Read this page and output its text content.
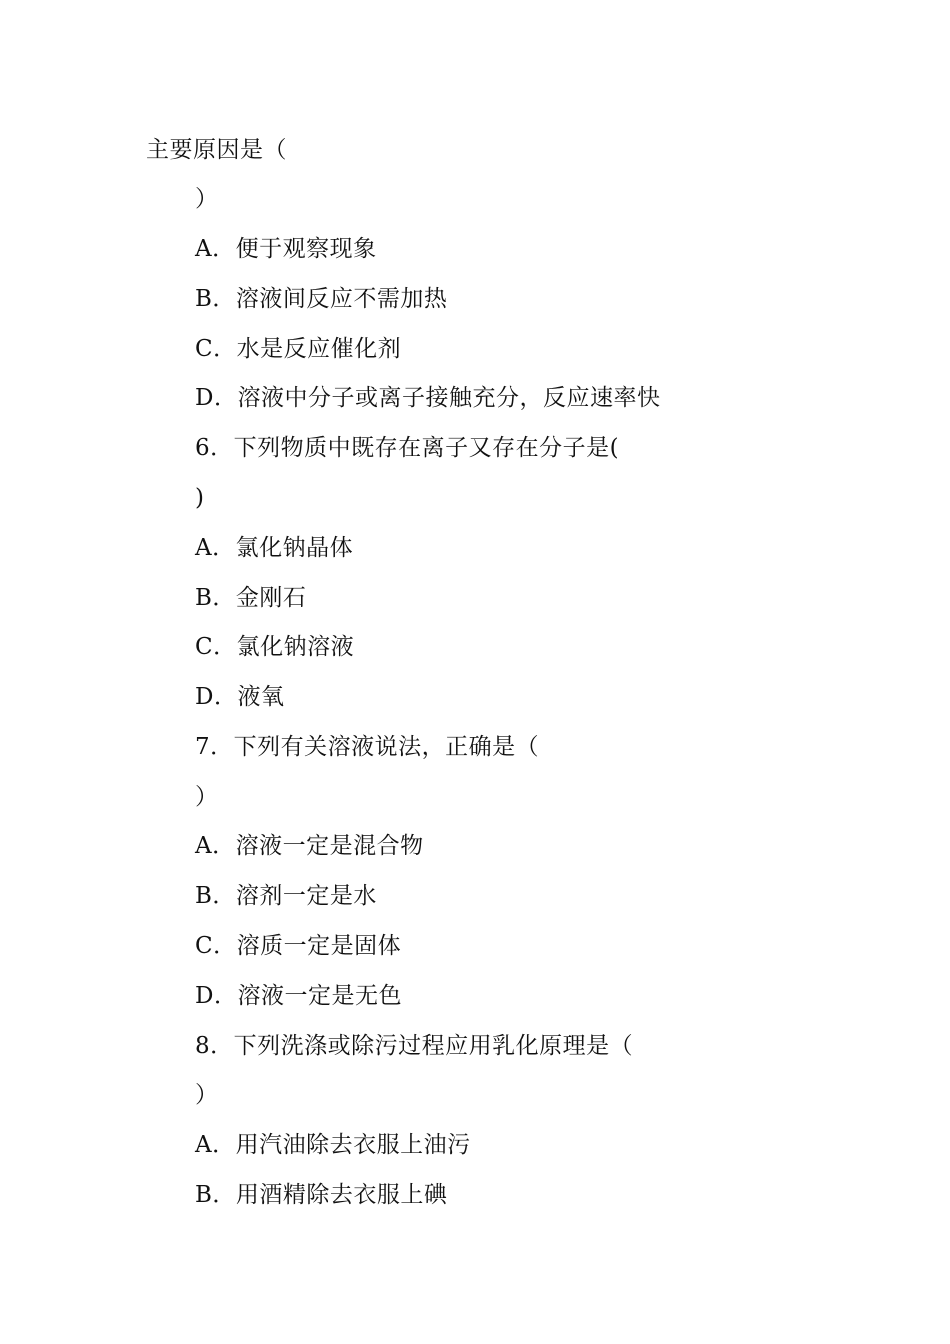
主要原因是（
）
A．便于观察现象
B．溶液间反应不需加热
C．水是反应催化剂
D．溶液中分子或离子接触充分，反应速率快
6．下列物质中既存在离子又存在分子是(
)
A．氯化钠晶体
B．金刚石
C．氯化钠溶液
D．液氧
7．下列有关溶液说法，正确是（
）
A．溶液一定是混合物
B．溶剂一定是水
C．溶质一定是固体
D．溶液一定是无色
8．下列洗涤或除污过程应用乳化原理是（
）
A．用汽油除去衣服上油污
B．用酒精除去衣服上碘
